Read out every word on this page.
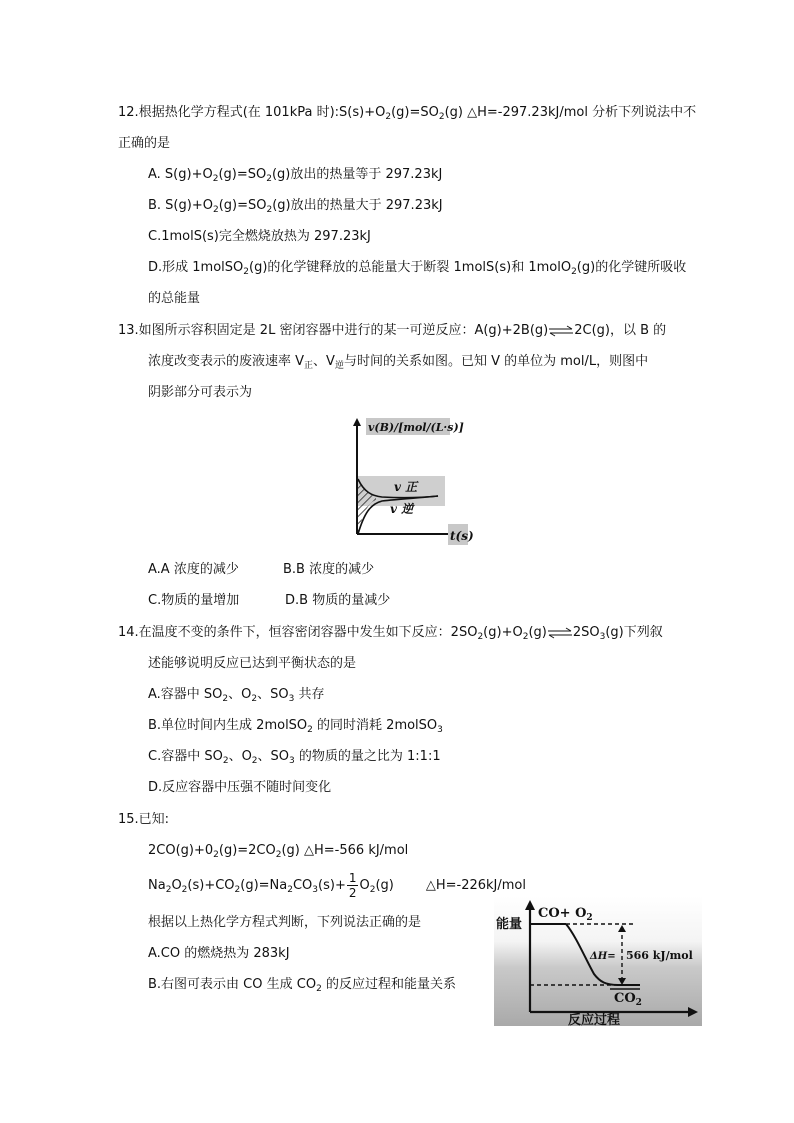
12.根据热化学方程式(在 101kPa 时)$:S(s)+O_2(g)=SO_2(g)$ △H=-297.23kJ/mol 分析下列说法中不
正确的是
A. $S(g)+O_2(g)=SO_2(g)$放出的热量等于 297.23kJ
B. $S(g)+O_2(g)=SO_2(g)$放出的热量大于 297.23kJ
C.1molS(s)完全燃烧放热为 297.23kJ
D.形成 1molSO$_2$(g)的化学键释放的总能量大于断裂 1molS(s)和 1molO$_2$(g)的化学键所吸收
的总能量
13.如图所示容积固定是 2L 密闭容器中进行的某一可逆反应：A(g)+2B(g)⇌2C(g)，以 B 的
浓度改变表示的废液速率 $V_正$、$V_逆$与时间的关系如图。已知 V 的单位为 mol/L，则图中
阴影部分可表示为
v(B)/[mol/(L·s)]
v 正
v 逆
t(s)
A.A 浓度的减少	B.B 浓度的减少
C.物质的量增加	D.B 物质的量减少
14.在温度不变的条件下，恒容密闭容器中发生如下反应：$2SO_2(g)+O_2(g)\rightleftharpoons 2SO_3(g)$下列叙
述能够说明反应已达到平衡状态的是
A.容器中 $SO_2$、$O_2$、$SO_3$ 共存
B.单位时间内生成 2molSO$_2$ 的同时消耗 2molSO$_3$
C.容器中 $SO_2$、$O_2$、$SO_3$ 的物质的量之比为 1:1:1
D.反应容器中压强不随时间变化
15.已知:
$2CO(g)+0_2(g)=2CO_2(g)$ △H=-566 kJ/mol
$Na_2O_2(s)+CO_2(g)=Na_2CO_3(s)+ \frac{1}{2} O_2(g)$ △H=-226kJ/mol
根据以上热化学方程式判断，下列说法正确的是
A.CO 的燃烧热为 283kJ
B.右图可表示由 CO 生成 $CO_2$ 的反应过程和能量关系
能量
$CO+ O_2$
ΔH= 566 kJ/mol
$CO_2$
反应过程
